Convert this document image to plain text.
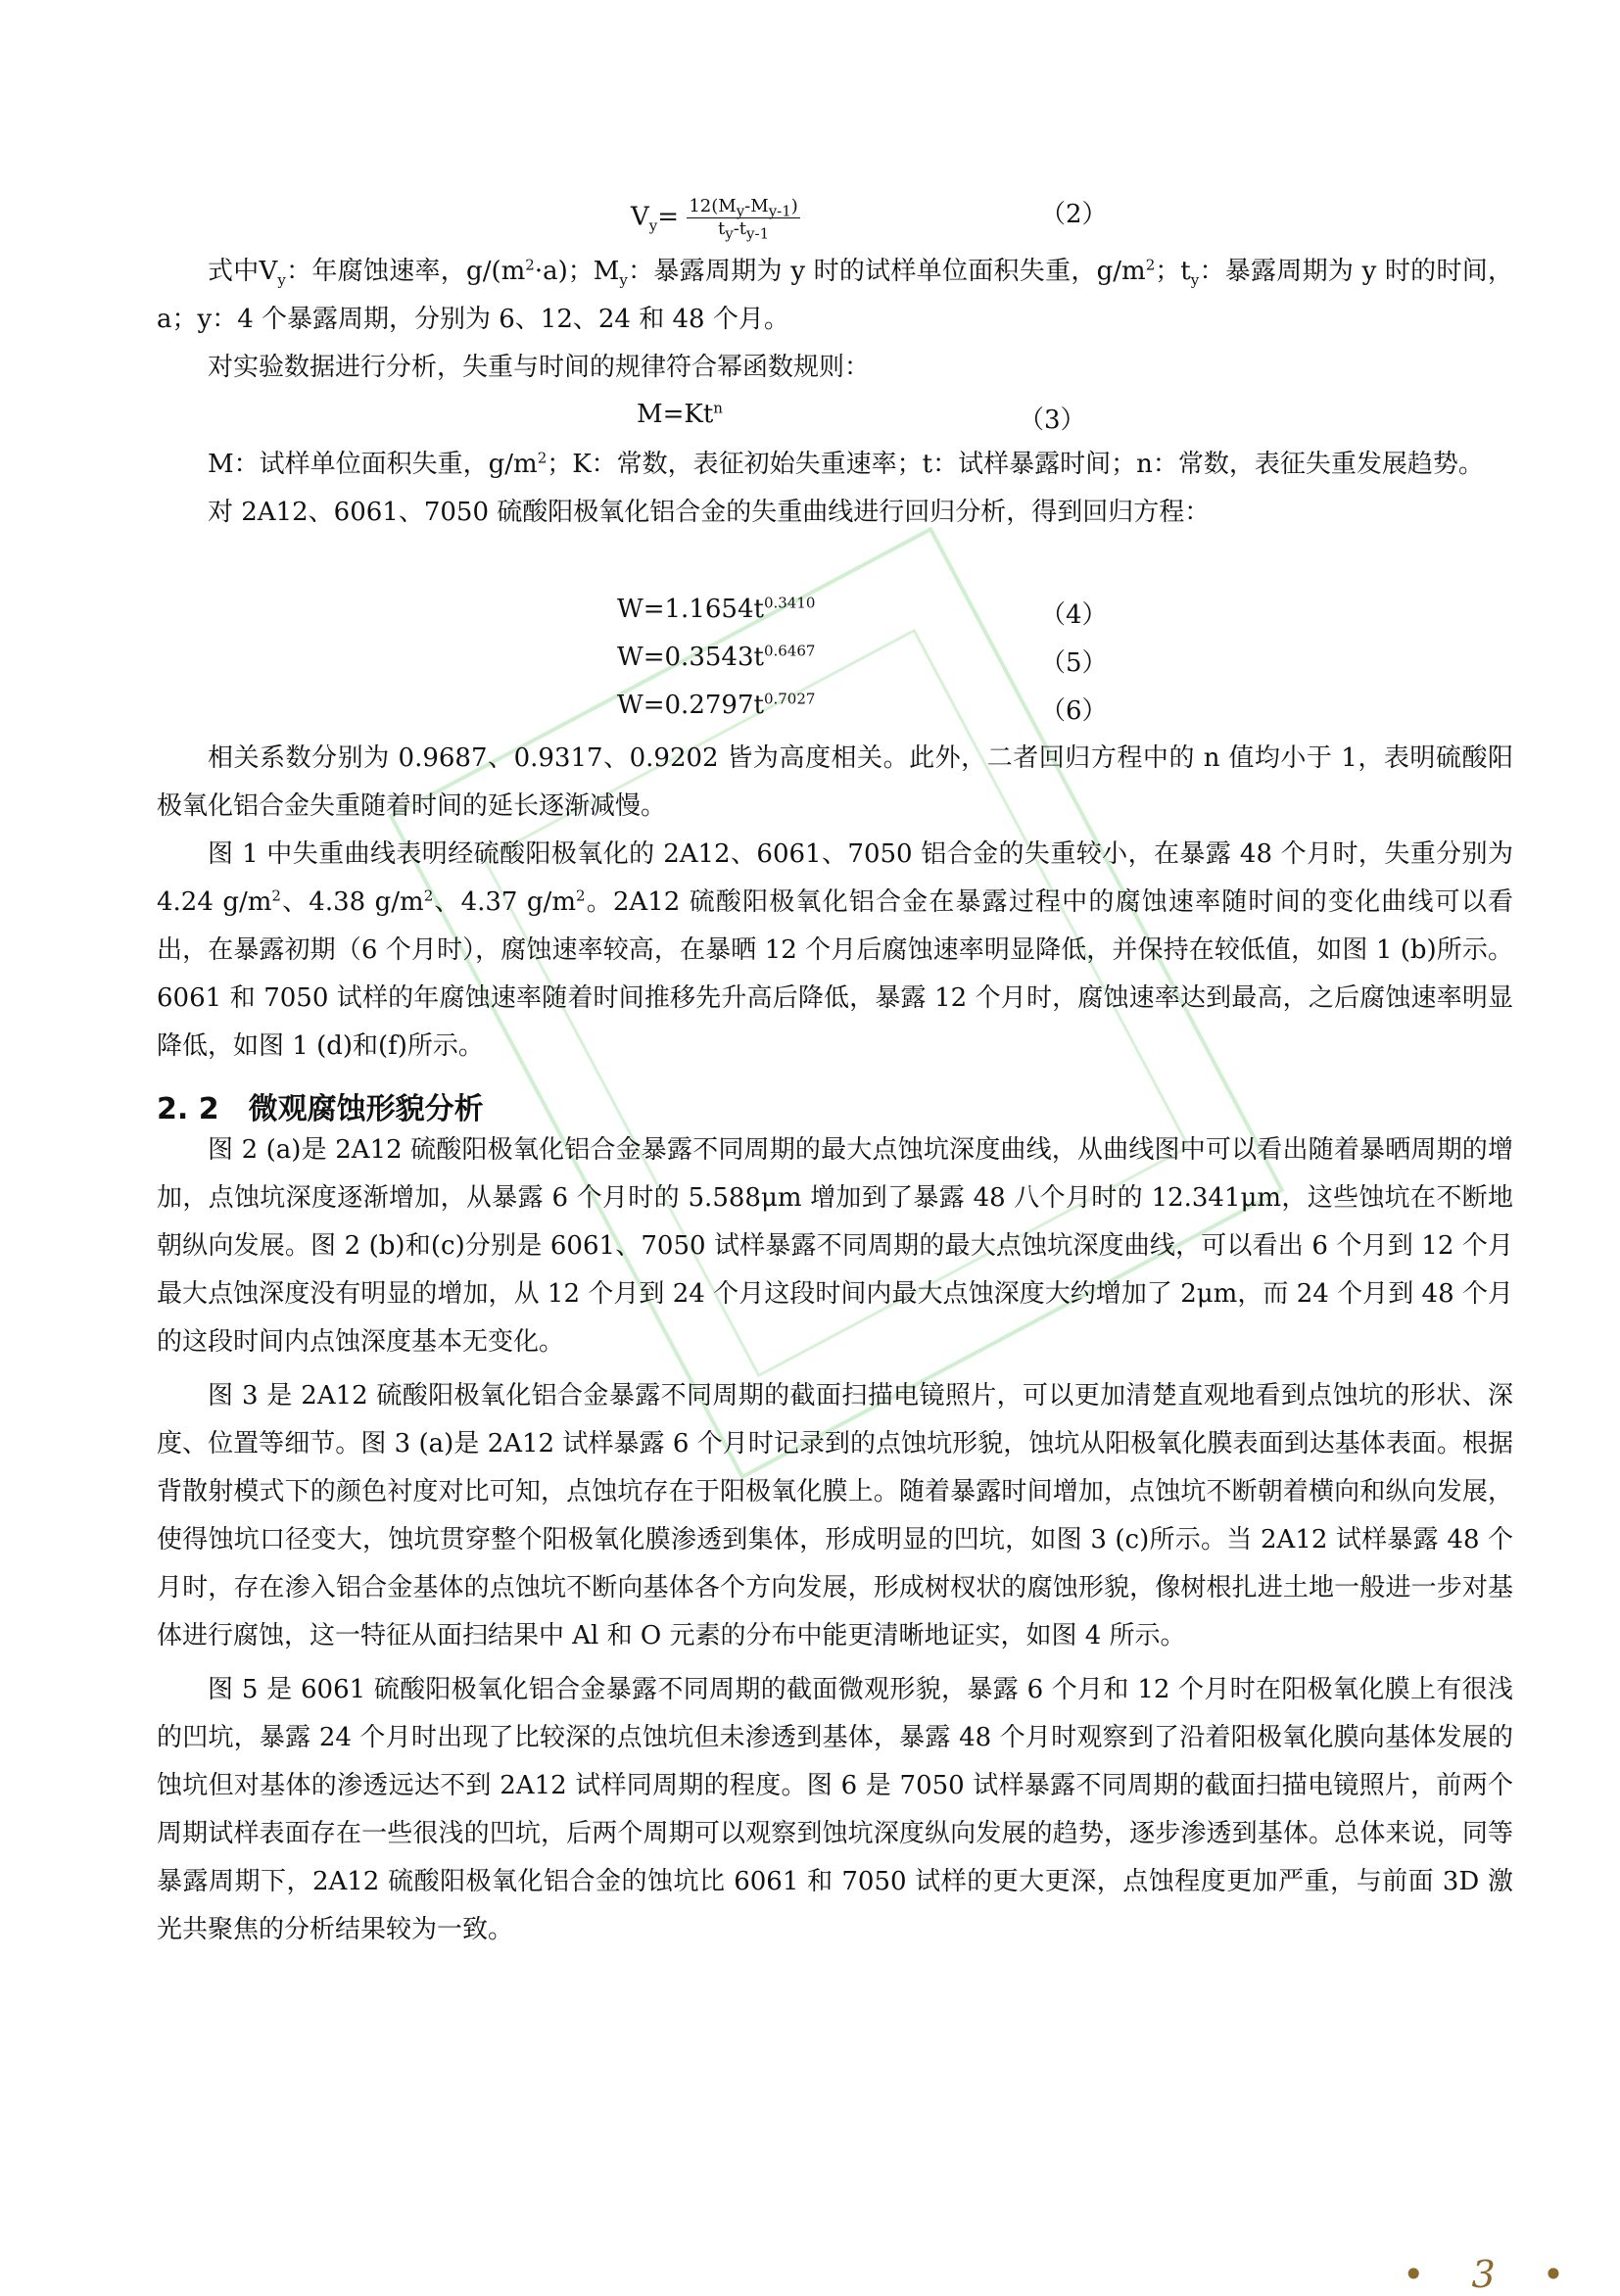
$V_y= \frac{12(M_y-M_{y-1})}{t_y-t_{y-1}}$	（2）

式中$V_y$：年腐蚀速率，$g/(m^2\cdot a)$；$M_y$：暴露周期为 y 时的试样单位面积失重，$g/m^2$；$t_y$：暴露周期为 y 时的时间，a；y：4 个暴露周期，分别为 6、12、24 和 48 个月。

对实验数据进行分析，失重与时间的规律符合幂函数规则：

$M=Kt^n$	（3）

M：试样单位面积失重，$g/m^2$；K：常数，表征初始失重速率；t：试样暴露时间；n：常数，表征失重发展趋势。

对 2A12、6061、7050 硫酸阳极氧化铝合金的失重曲线进行回归分析，得到回归方程：

$W=1.1654t^{0.3410}$	（4）
$W=0.3543t^{0.6467}$	（5）
$W=0.2797t^{0.7027}$	（6）

相关系数分别为 0.9687、0.9317、0.9202 皆为高度相关。此外，二者回归方程中的 n 值均小于 1，表明硫酸阳极氧化铝合金失重随着时间的延长逐渐减慢。

图 1 中失重曲线表明经硫酸阳极氧化的 2A12、6061、7050 铝合金的失重较小，在暴露 48 个月时，失重分别为 4.24 $g/m^2$、4.38 $g/m^2$、4.37 $g/m^2$。2A12 硫酸阳极氧化铝合金在暴露过程中的腐蚀速率随时间的变化曲线可以看出，在暴露初期（6 个月时），腐蚀速率较高，在暴晒 12 个月后腐蚀速率明显降低，并保持在较低值，如图 1 (b)所示。6061 和 7050 试样的年腐蚀速率随着时间推移先升高后降低，暴露 12 个月时，腐蚀速率达到最高，之后腐蚀速率明显降低，如图 1 (d)和(f)所示。

2. 2 微观腐蚀形貌分析

图 2 (a)是 2A12 硫酸阳极氧化铝合金暴露不同周期的最大点蚀坑深度曲线，从曲线图中可以看出随着暴晒周期的增加，点蚀坑深度逐渐增加，从暴露 6 个月时的 5.588μm 增加到了暴露 48 八个月时的 12.341μm，这些蚀坑在不断地朝纵向发展。图 2 (b)和(c)分别是 6061、7050 试样暴露不同周期的最大点蚀坑深度曲线，可以看出 6 个月到 12 个月最大点蚀深度没有明显的增加，从 12 个月到 24 个月这段时间内最大点蚀深度大约增加了 2μm，而 24 个月到 48 个月的这段时间内点蚀深度基本无变化。

图 3 是 2A12 硫酸阳极氧化铝合金暴露不同周期的截面扫描电镜照片，可以更加清楚直观地看到点蚀坑的形状、深度、位置等细节。图 3 (a)是 2A12 试样暴露 6 个月时记录到的点蚀坑形貌，蚀坑从阳极氧化膜表面到达基体表面。根据背散射模式下的颜色衬度对比可知，点蚀坑存在于阳极氧化膜上。随着暴露时间增加，点蚀坑不断朝着横向和纵向发展，使得蚀坑口径变大，蚀坑贯穿整个阳极氧化膜渗透到集体，形成明显的凹坑，如图 3 (c)所示。当 2A12 试样暴露 48 个月时，存在渗入铝合金基体的点蚀坑不断向基体各个方向发展，形成树杈状的腐蚀形貌，像树根扎进土地一般进一步对基体进行腐蚀，这一特征从面扫结果中 Al 和 O 元素的分布中能更清晰地证实，如图 4 所示。

图 5 是 6061 硫酸阳极氧化铝合金暴露不同周期的截面微观形貌，暴露 6 个月和 12 个月时在阳极氧化膜上有很浅的凹坑，暴露 24 个月时出现了比较深的点蚀坑但未渗透到基体，暴露 48 个月时观察到了沿着阳极氧化膜向基体发展的蚀坑但对基体的渗透远达不到 2A12 试样同周期的程度。图 6 是 7050 试样暴露不同周期的截面扫描电镜照片，前两个周期试样表面存在一些很浅的凹坑，后两个周期可以观察到蚀坑深度纵向发展的趋势，逐步渗透到基体。总体来说，同等暴露周期下，2A12 硫酸阳极氧化铝合金的蚀坑比 6061 和 7050 试样的更大更深，点蚀程度更加严重，与前面 3D 激光共聚焦的分析结果较为一致。

• 3 •
